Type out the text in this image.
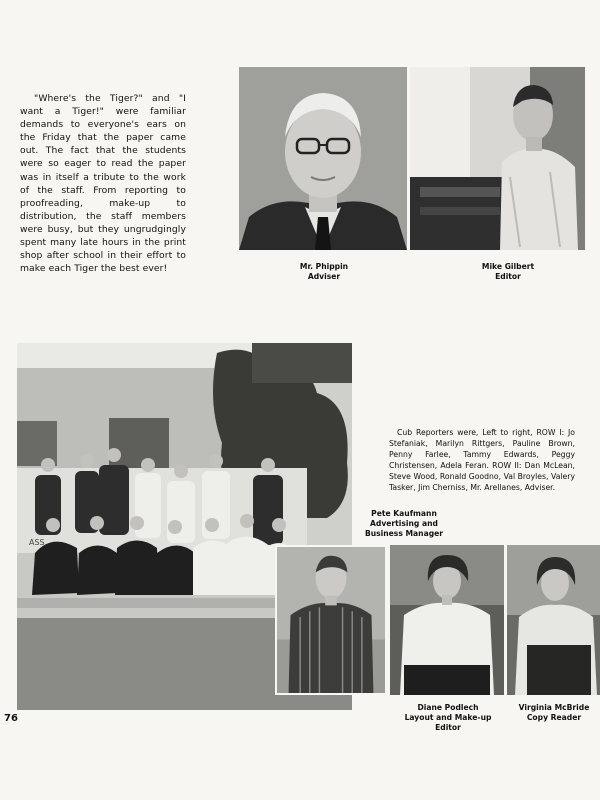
"Where's the Tiger?" and "I want a Tiger!" were familiar demands to everyone's ears on the Friday that the paper came out. The fact that the students were so eager to read the paper was in itself a tribute to the work of the staff. From reporting to proofreading, make-up to distribution, the staff members were busy, but they ungrudgingly spent many late hours in the print shop after school in their effort to make each Tiger the best ever!	Mr. Phippin
Adviser
Mike Gilbert
Editor
ASS
Cub Reporters were, Left to right, ROW I: Jo Stefaniak, Marilyn Rittgers, Pauline Brown, Penny Farlee, Tammy Edwards, Peggy Christensen, Adela Feran. ROW II: Dan McLean, Steve Wood, Ronald Goodno, Val Broyles, Valery Tasker, Jim Cherniss, Mr. Arellanes, Adviser.
Pete Kaufmann
Advertising and
Business Manager
Diane Podlech
Layout and Make-up
Editor
Virginia McBride
Copy Reader
76
